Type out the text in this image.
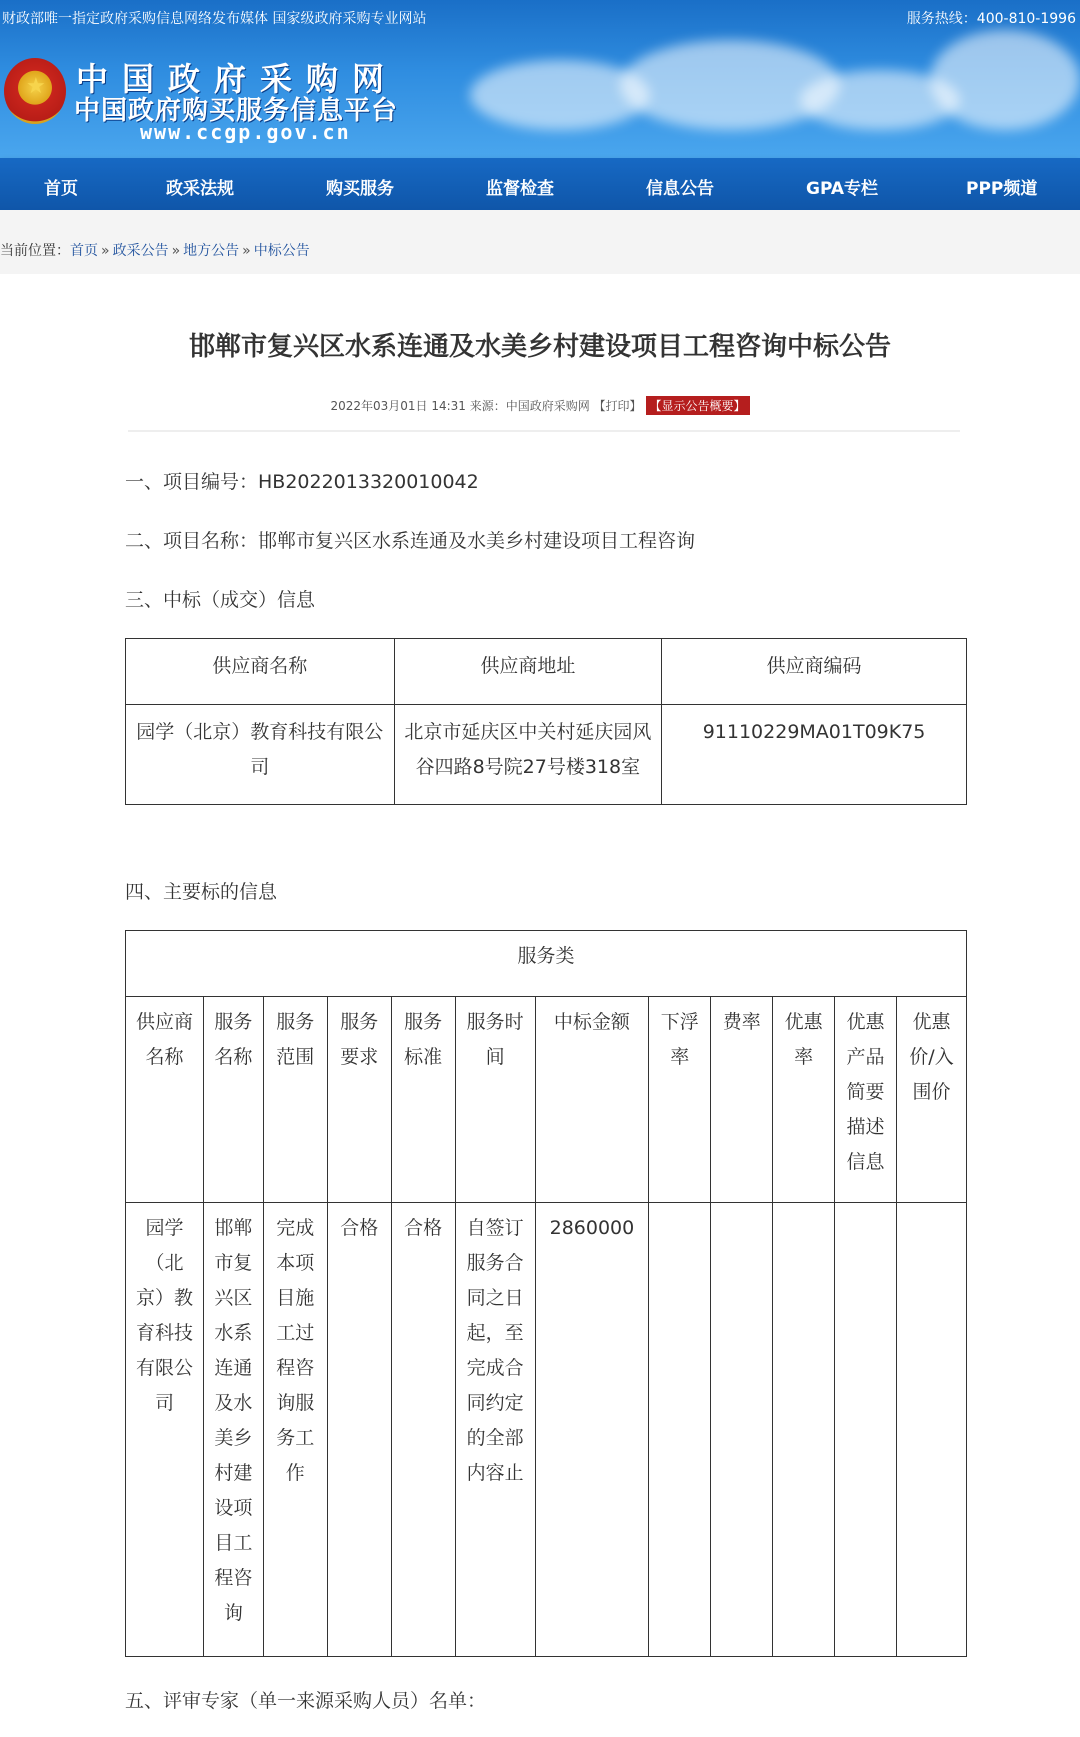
财政部唯一指定政府采购信息网络发布媒体 国家级政府采购专业网站	服务热线：400-810-1996
★ 中国政府采购网
中国政府购买服务信息平台
www.ccgp.gov.cn
首页	政采法规	购买服务	监督检查	信息公告	GPA专栏	PPP频道
当前位置：首页 » 政采公告 » 地方公告 » 中标公告
邯郸市复兴区水系连通及水美乡村建设项目工程咨询中标公告
2022年03月01日 14:31 来源：中国政府采购网 【打印】 【显示公告概要】
一、项目编号：HB2022013320010042
二、项目名称：邯郸市复兴区水系连通及水美乡村建设项目工程咨询
三、中标（成交）信息
供应商名称	供应商地址	供应商编码
园学（北京）教育科技有限公司	北京市延庆区中关村延庆园风谷四路8号院27号楼318室	91110229MA01T09K75
四、主要标的信息
服务类											
供应商名称	服务名称	服务范围	服务要求	服务标准	服务时间	中标金额	下浮率	费率	优惠率	优惠产品简要描述信息	优惠价/入围价
园学（北京）教育科技有限公司	邯郸市复兴区水系连通及水美乡村建设项目工程咨询	完成本项目施工过程咨询服务工作	合格	合格	自签订服务合同之日起，至完成合同约定的全部内容止	2860000					
五、评审专家（单一来源采购人员）名单：
